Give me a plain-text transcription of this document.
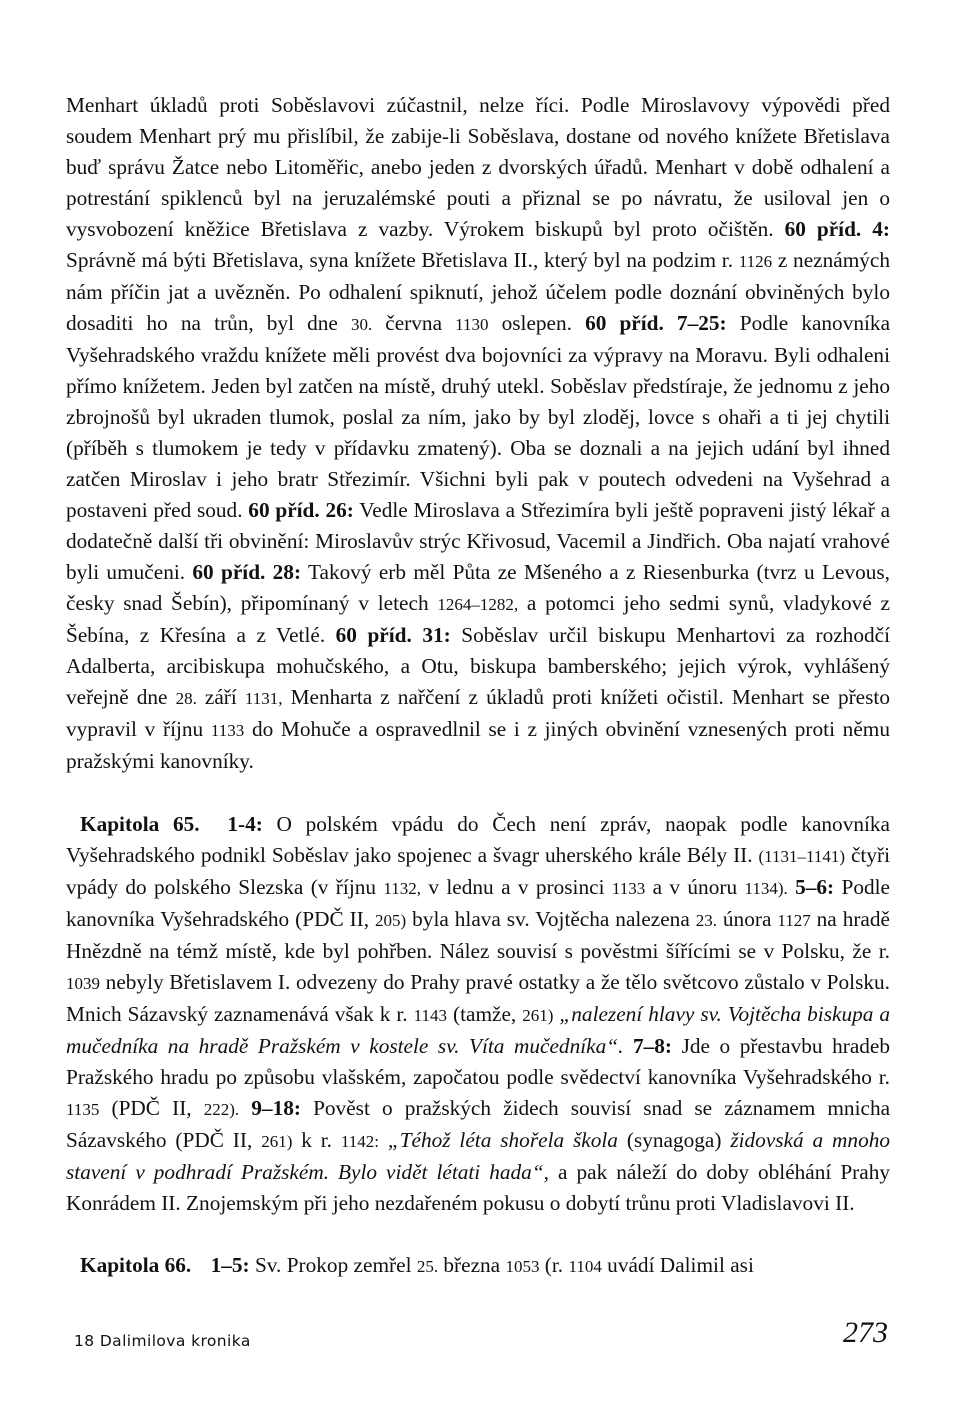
Menhart úkladů proti Soběslavovi zúčastnil, nelze říci. Podle Miroslavovy výpovědi před soudem Menhart prý mu přislíbil, že zabije-li Soběslava, dostane od nového knížete Břetislava buď správu Žatce nebo Litoměřic, anebo jeden z dvorských úřadů. Menhart v době odhalení a potrestání spiklenců byl na jeruzalémské pouti a přiznal se po návratu, že usiloval jen o vysvobození kněžice Břetislava z vazby. Výrokem biskupů byl proto očištěn. 60 příd. 4: Správně má býti Břetislava, syna knížete Břetislava II., který byl na podzim r. 1126 z neznámých nám příčin jat a uvězněn. Po odhalení spiknutí, jehož účelem podle doznání obviněných bylo dosaditi ho na trůn, byl dne 30. června 1130 oslepen. 60 příd. 7–25: Podle kanovníka Vyšehradského vraždu knížete měli provést dva bojovníci za výpravy na Moravu. Byli odhaleni přímo knížetem. Jeden byl zatčen na místě, druhý utekl. Soběslav předstíraje, že jednomu z jeho zbrojnošů byl ukraden tlumok, poslal za ním, jako by byl zloděj, lovce s ohaři a ti jej chytili (příběh s tlumokem je tedy v přídavku zmatený). Oba se doznali a na jejich udání byl ihned zatčen Miroslav i jeho bratr Střezimír. Všichni byli pak v poutech odvedeni na Vyšehrad a postaveni před soud. 60 příd. 26: Vedle Miroslava a Střezimíra byli ještě popraveni jistý lékař a dodatečně další tři obvinění: Miroslavův strýc Křivosud, Vacemil a Jindřich. Oba najatí vrahové byli umučeni. 60 příd. 28: Takový erb měl Půta ze Mšeného a z Riesenburka (tvrz u Levous, česky snad Šebín), připomínaný v letech 1264–1282, a potomci jeho sedmi synů, vladykové z Šebína, z Křesína a z Vetlé. 60 příd. 31: Soběslav určil biskupu Menhartovi za rozhodčí Adalberta, arcibiskupa mohučského, a Otu, biskupa bamberského; jejich výrok, vyhlášený veřejně dne 28. září 1131, Menharta z nařčení z úkladů proti knížeti očistil. Menhart se přesto vypravil v říjnu 1133 do Mohuče a ospravedlnil se i z jiných obvinění vznesených proti němu pražskými kanovníky.

Kapitola 65. 1-4: O polském vpádu do Čech není zpráv, naopak podle kanovníka Vyšehradského podnikl Soběslav jako spojenec a švagr uherského krále Bély II. (1131–1141) čtyři vpády do polského Slezska (v říjnu 1132, v lednu a v prosinci 1133 a v únoru 1134). 5–6: Podle kanovníka Vyšehradského (PDČ II, 205) byla hlava sv. Vojtěcha nalezena 23. února 1127 na hradě Hnězdně na témž místě, kde byl pohřben. Nález souvisí s pověstmi šířícími se v Polsku, že r. 1039 nebyly Břetislavem I. odvezeny do Prahy pravé ostatky a že tělo světcovo zůstalo v Polsku. Mnich Sázavský zaznamenává však k r. 1143 (tamže, 261) „nalezení hlavy sv. Vojtěcha biskupa a mučedníka na hradě Pražském v kostele sv. Víta mučedníka“. 7–8: Jde o přestavbu hradeb Pražského hradu po způsobu vlašském, započatou podle svědectví kanovníka Vyšehradského r. 1135 (PDČ II, 222). 9–18: Pověst o pražských židech souvisí snad se záznamem mnicha Sázavského (PDČ II, 261) k r. 1142: „Téhož léta shořela škola (synagoga) židovská a mnoho stavení v podhradí Pražském. Bylo vidět létati hada“, a pak náleží do doby obléhání Prahy Konrádem II. Znojemským při jeho nezdařeném pokusu o dobytí trůnu proti Vladislavovi II.

Kapitola 66. 1–5: Sv. Prokop zemřel 25. března 1053 (r. 1104 uvádí Dalimil asi

18 Dalimilova kronika	273
